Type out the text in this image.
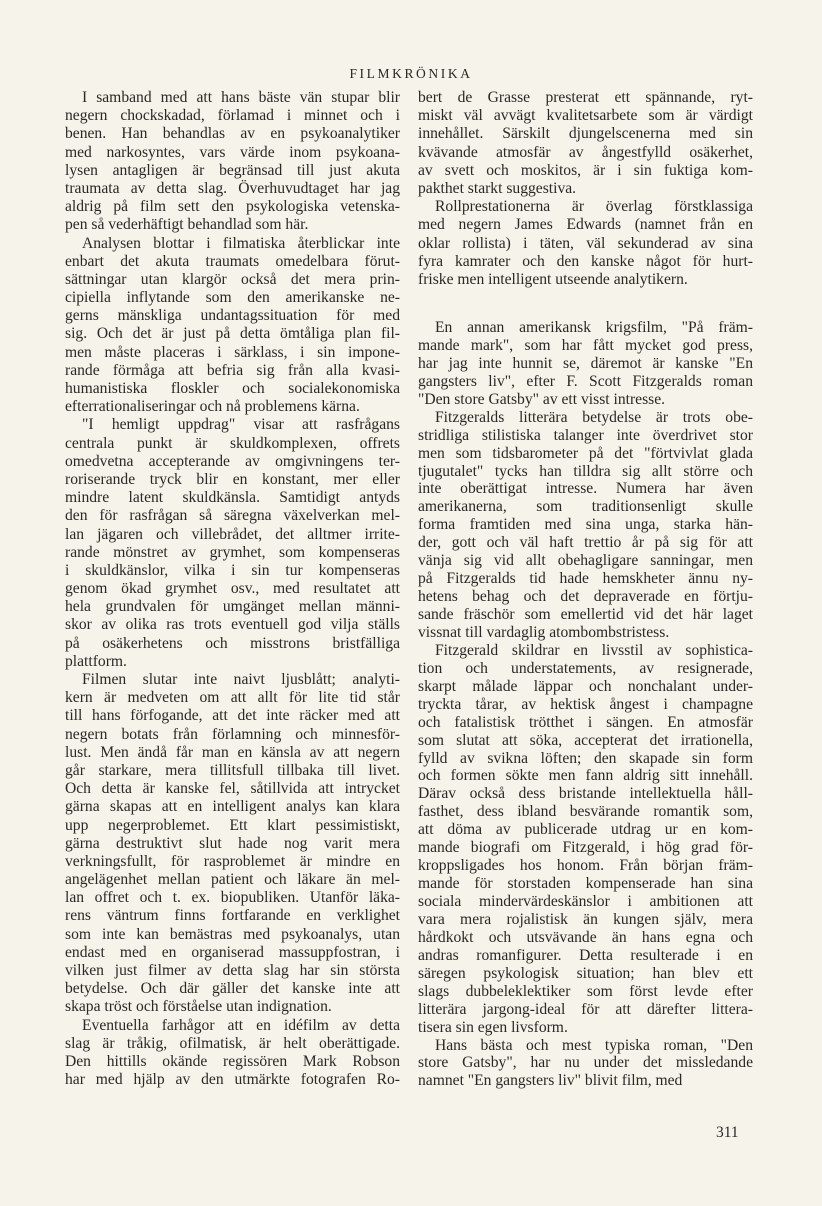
FILMKRÖNIKA
I samband med att hans bäste vän stupar blir
negern chockskadad, förlamad i minnet och i
benen. Han behandlas av en psykoanalytiker
med narkosyntes, vars värde inom psykoana-
lysen antagligen är begränsad till just akuta
traumata av detta slag. Överhuvudtaget har jag
aldrig på film sett den psykologiska vetenska-
pen så vederhäftigt behandlad som här.
Analysen blottar i filmatiska återblickar inte
enbart det akuta traumats omedelbara förut-
sättningar utan klargör också det mera prin-
cipiella inflytande som den amerikanske ne-
gerns mänskliga undantagssituation för med
sig. Och det är just på detta ömtåliga plan fil-
men måste placeras i särklass, i sin impone-
rande förmåga att befria sig från alla kvasi-
humanistiska floskler och socialekonomiska
efterrationaliseringar och nå problemens kärna.
"I hemligt uppdrag" visar att rasfrågans
centrala punkt är skuldkomplexen, offrets
omedvetna accepterande av omgivningens ter-
roriserande tryck blir en konstant, mer eller
mindre latent skuldkänsla. Samtidigt antyds
den för rasfrågan så säregna växelverkan mel-
lan jägaren och villebrådet, det alltmer irrite-
rande mönstret av grymhet, som kompenseras
i skuldkänslor, vilka i sin tur kompenseras
genom ökad grymhet osv., med resultatet att
hela grundvalen för umgänget mellan männi-
skor av olika ras trots eventuell god vilja ställs
på osäkerhetens och misstrons bristfälliga
plattform.
Filmen slutar inte naivt ljusblått; analyti-
kern är medveten om att allt för lite tid står
till hans förfogande, att det inte räcker med att
negern botats från förlamning och minnesför-
lust. Men ändå får man en känsla av att negern
går starkare, mera tillitsfull tillbaka till livet.
Och detta är kanske fel, såtillvida att intrycket
gärna skapas att en intelligent analys kan klara
upp negerproblemet. Ett klart pessimistiskt,
gärna destruktivt slut hade nog varit mera
verkningsfullt, för rasproblemet är mindre en
angelägenhet mellan patient och läkare än mel-
lan offret och t. ex. biopubliken. Utanför läka-
rens väntrum finns fortfarande en verklighet
som inte kan bemästras med psykoanalys, utan
endast med en organiserad massuppfostran, i
vilken just filmer av detta slag har sin största
betydelse. Och där gäller det kanske inte att
skapa tröst och förståelse utan indignation.
Eventuella farhågor att en idéfilm av detta
slag är tråkig, ofilmatisk, är helt oberättigade.
Den hittills okände regissören Mark Robson
har med hjälp av den utmärkte fotografen Ro-
bert de Grasse presterat ett spännande, ryt-
miskt väl avvägt kvalitetsarbete som är värdigt
innehållet. Särskilt djungelscenerna med sin
kvävande atmosfär av ångestfylld osäkerhet,
av svett och moskitos, är i sin fuktiga kom-
pakthet starkt suggestiva.
Rollprestationerna är överlag förstklassiga
med negern James Edwards (namnet från en
oklar rollista) i täten, väl sekunderad av sina
fyra kamrater och den kanske något för hurt-
friske men intelligent utseende analytikern.
En annan amerikansk krigsfilm, "På främ-
mande mark", som har fått mycket god press,
har jag inte hunnit se, däremot är kanske "En
gangsters liv", efter F. Scott Fitzgeralds roman
"Den store Gatsby" av ett visst intresse.
Fitzgeralds litterära betydelse är trots obe-
stridliga stilistiska talanger inte överdrivet stor
men som tidsbarometer på det "förtvivlat glada
tjugutalet" tycks han tilldra sig allt större och
inte oberättigat intresse. Numera har även
amerikanerna, som traditionsenligt skulle
forma framtiden med sina unga, starka hän-
der, gott och väl haft trettio år på sig för att
vänja sig vid allt obehagligare sanningar, men
på Fitzgeralds tid hade hemskheter ännu ny-
hetens behag och det depraverade en förtju-
sande fräschör som emellertid vid det här laget
vissnat till vardaglig atombombstristess.
Fitzgerald skildrar en livsstil av sophistica-
tion och understatements, av resignerade,
skarpt målade läppar och nonchalant under-
tryckta tårar, av hektisk ångest i champagne
och fatalistisk trötthet i sängen. En atmosfär
som slutat att söka, accepterat det irrationella,
fylld av svikna löften; den skapade sin form
och formen sökte men fann aldrig sitt innehåll.
Därav också dess bristande intellektuella håll-
fasthet, dess ibland besvärande romantik som,
att döma av publicerade utdrag ur en kom-
mande biografi om Fitzgerald, i hög grad för-
kroppsligades hos honom. Från början främ-
mande för storstaden kompenserade han sina
sociala mindervärdeskänslor i ambitionen att
vara mera rojalistisk än kungen själv, mera
hårdkokt och utsvävande än hans egna och
andras romanfigurer. Detta resulterade i en
säregen psykologisk situation; han blev ett
slags dubbeleklektiker som först levde efter
litterära jargong-ideal för att därefter littera-
tisera sin egen livsform.
Hans bästa och mest typiska roman, "Den
store Gatsby", har nu under det missledande
namnet "En gangsters liv" blivit film, med
311
